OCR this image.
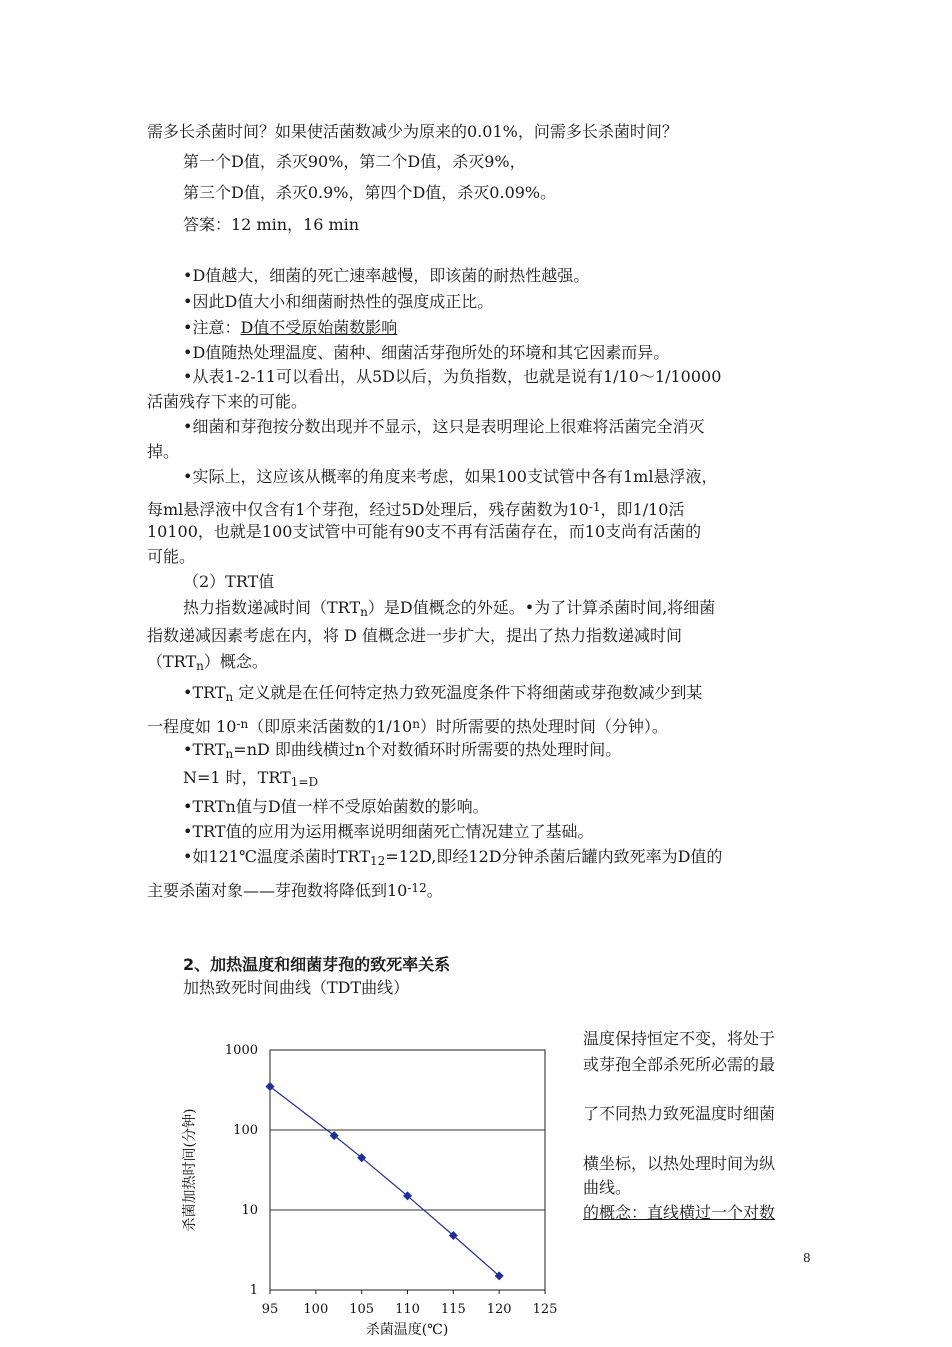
需多长杀菌时间？如果使活菌数减少为原来的0.01%，问需多长杀菌时间？
第一个D值，杀灭90%，第二个D值，杀灭9%，
第三个D值，杀灭0.9%，第四个D值，杀灭0.09%。
答案：12 min，16 min
•D值越大，细菌的死亡速率越慢，即该菌的耐热性越强。
•因此D值大小和细菌耐热性的强度成正比。
•注意：D值不受原始菌数影响
•D值随热处理温度、菌种、细菌活芽孢所处的环境和其它因素而异。
•从表1-2-11可以看出，从5D以后，为负指数，也就是说有1/10～1/10000
活菌残存下来的可能。
•细菌和芽孢按分数出现并不显示，这只是表明理论上很难将活菌完全消灭
掉。
•实际上，这应该从概率的角度来考虑，如果100支试管中各有1ml悬浮液，
每ml悬浮液中仅含有1个芽孢，经过5D处理后，残存菌数为$10^{-1}$，即1/10活
10100，也就是100支试管中可能有90支不再有活菌存在，而10支尚有活菌的
可能。
（2）TRT值
热力指数递减时间$(TRT_n)$是D值概念的外延。•为了计算杀菌时间,将细菌
指数递减因素考虑在内，将 D 值概念进一步扩大，提出了热力指数递减时间
$(TRT_n)$概念。
$•TRT_n$ 定义就是在任何特定热力致死温度条件下将细菌或芽孢数减少到某
一程度如 $10^{-n}$（即原来活菌数的1/10$^n$）时所需要的热处理时间（分钟）。
$•TRT_n=nD$ 即曲线横过n个对数循环时所需要的热处理时间。
N=1 时，$TRT_{1=D}$
•TRTn值与D值一样不受原始菌数的影响。
•TRT值的应用为运用概率说明细菌死亡情况建立了基础。
•如121℃温度杀菌时$TRT_{12}=12D$,即经12D分钟杀菌后罐内致死率为D值的
主要杀菌对象——芽孢数将降低到$10^{-12}$。
2、加热温度和细菌芽孢的致死率关系
加热致死时间曲线（TDT曲线）
温度保持恒定不变，将处于
或芽孢全部杀死所必需的最
了不同热力致死温度时细菌
横坐标，以热处理时间为纵
曲线。
的概念：直线横过一个对数
8
1
10
100
1000
95 100 105 110 115 120 125
杀菌温度(℃)
杀菌加热时间(分钟)
